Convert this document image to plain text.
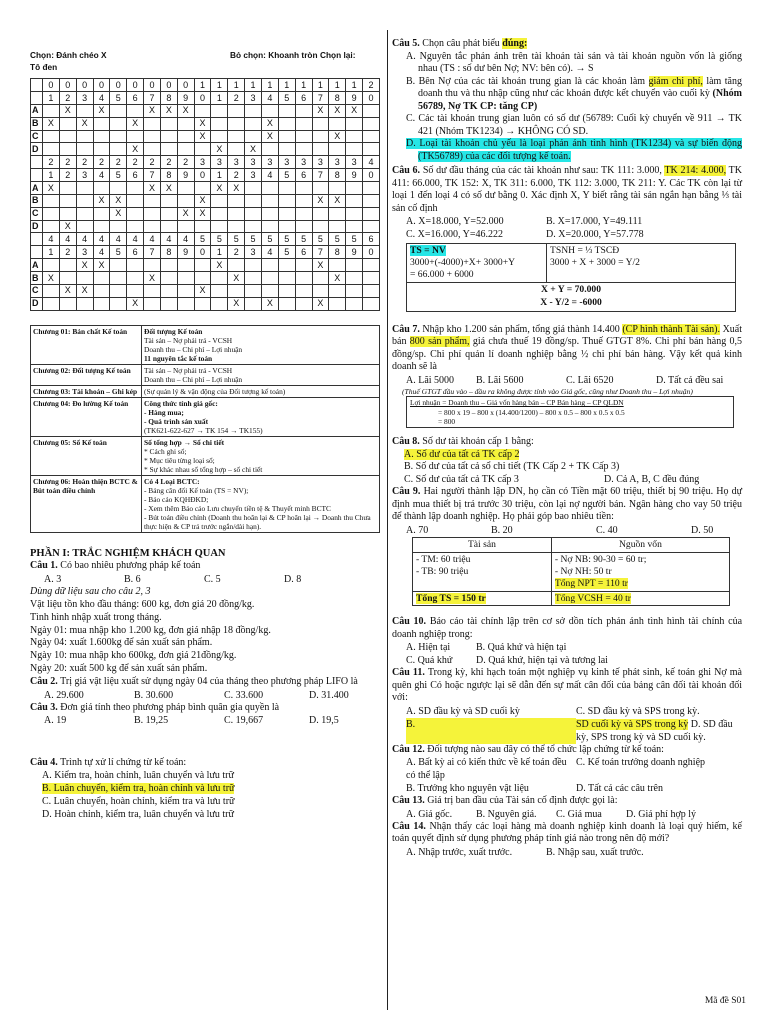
Chọn: Đánh chéo X	Bỏ chọn: Khoanh tròn Chọn lại:
Tô đen
	0	0	0	0	0	0	0	0	0	1	1	1	1	1	1	1	1	1	1	2
	1	2	3	4	5	6	7	8	9	0	1	2	3	4	5	6	7	8	9	0
A		X		X			X	X	X								X	X	X	
B	X		X			X				X				X						
C										X				X				X		
D						X					X		X							
	2	2	2	2	2	2	2	2	2	3	3	3	3	3	3	3	3	3	3	4
	1	2	3	4	5	6	7	8	9	0	1	2	3	4	5	6	7	8	9	0
A	X						X	X			X	X								
B				X	X					X							X	X		
C					X				X	X										
D		X																		
	4	4	4	4	4	4	4	4	4	5	5	5	5	5	5	5	5	5	5	6
	1	2	3	4	5	6	7	8	9	0	1	2	3	4	5	6	7	8	9	0
A			X	X							X						X			
B	X						X					X						X		
C		X	X							X										
D						X						X		X			X			
Chương 01: Bản chất Kế toán	Đối tượng Kế toán
Tài sản – Nợ phải trả - VCSH
Doanh thu – Chi phí – Lợi nhuận
11 nguyên tắc kế toán

Chương 02: Đối tượng Kế toán	Tài sản – Nợ phải trả - VCSH
Doanh thu – Chi phí – Lợi nhuận

Chương 03: Tài khoản – Ghi kép	(Sự quản lý & vận động của Đối tượng kế toán)

Chương 04: Đo lường Kế toán	Công thức tính giá gốc:
- Hàng mua;
- Quá trình sản xuất
(TK621-622-627 → TK 154 → TK155)

Chương 05: Sổ Kế toán	Sổ tổng hợp → Sổ chi tiết
* Cách ghi sổ;
* Mục tiêu từng loại sổ;
* Sự khác nhau sổ tổng hợp – sổ chi tiết

Chương 06: Hoàn thiện BCTC & Bút toán điều chỉnh	Có 4 Loại BCTC:
- Bảng cân đối Kế toán (TS = NV);
- Báo cáo KQHĐKD;
- Xem thêm Báo cáo Lưu chuyển tiền tệ & Thuyết minh BCTC
- Bút toán điều chỉnh (Doanh thu hoãn lại & CP hoãn lại → Doanh thu Chưa thực hiện & CP trả trước ngắn/dài hạn).
PHẦN I: TRẮC NGHIỆM KHÁCH QUAN
Câu 1. Có bao nhiêu phương pháp kế toán
A. 3	B. 6	C. 5	D. 8
Dùng dữ liệu sau cho câu 2, 3
Vật liệu tồn kho đầu tháng: 600 kg, đơn giá 20 đồng/kg.
Tình hình nhập xuất trong tháng.
Ngày 01: mua nhập kho 1.200 kg, đơn giá nhập 18 đồng/kg.
Ngày 04: xuất 1.600kg để sản xuất sản phẩm.
Ngày 10: mua nhập kho 600kg, đơn giá 21đồng/kg.
Ngày 20: xuất 500 kg để sản xuất sản phẩm.
Câu 2. Trị giá vật liệu xuất sử dụng ngày 04 của tháng theo phương pháp LIFO là
A. 29.600	B. 30.600	C. 33.600	D. 31.400
Câu 3. Đơn giá tính theo phương pháp bình quân gia quyền là
A. 19	B. 19,25	C. 19,667	D. 19,5
Câu 4. Trình tự xử lí chứng từ kế toán:
A. Kiểm tra, hoàn chỉnh, luân chuyển và lưu trữ
B. Luân chuyển, kiểm tra, hoàn chỉnh và lưu trữ
C. Luân chuyển, hoàn chỉnh, kiểm tra và lưu trữ
D. Hoàn chỉnh, kiểm tra, luân chuyển và lưu trữ
Câu 5. Chọn câu phát biểu đúng:
A. Nguyên tắc phản ánh trên tài khoản tài sản và tài khoản nguồn vốn là giống nhau (TS : số dư bên Nợ; NV: bên có). → S
B. Bên Nợ của các tài khoản trung gian là các khoản làm giảm chi phí, làm tăng doanh thu và thu nhập cũng như các khoản được kết chuyển vào cuối kỳ (Nhóm 56789, Nợ TK CP: tăng CP)
C. Các tài khoản trung gian luôn có số dư (56789: Cuối kỳ chuyển về 911 → TK 421 (Nhóm TK1234) → KHÔNG CÓ SD.
D. Loại tài khoản chủ yếu là loại phản ánh tình hình (TK1234) và sự biến động (TK56789) của các đối tượng kế toán.
Câu 6. Số dư đầu tháng của các tài khoản như sau: TK 111: 3.000, TK 214: 4.000, TK 411: 66.000, TK 152: X, TK 311: 6.000, TK 112: 3.000, TK 211: Y. Các TK còn lại từ loại 1 đến loại 4 có số dư bằng 0. Xác định X, Y biết rằng tài sản ngắn hạn bằng ⅓ tài sản cố định
A. X=18.000, Y=52.000	B. X=17.000, Y=49.111
C. X=16.000, Y=46.222	D. X=20.000, Y=57.778
TS = NV
3000+(-4000)+X+ 3000+Y
= 66.000 + 6000	TSNH = ⅓ TSCĐ
3000 + X + 3000 = Y/2
X + Y = 70.000
X - Y/2 = -6000
Câu 7. Nhập kho 1.200 sản phẩm, tổng giá thành 14.400 (CP hình thành Tài sản). Xuất bán 800 sản phẩm, giá chưa thuế 19 đồng/sp. Thuế GTGT 8%. Chi phí bán hàng 0,5 đồng/sp. Chi phí quản lí doanh nghiệp bằng ½ chi phí bán hàng. Vậy kết quả kinh doanh sẽ là
A. Lãi 5000	B. Lãi 5600	C. Lãi 6520	D. Tất cả đều sai
(Thuế GTGT đầu vào – đầu ra không được tính vào Giá gốc, cũng như Doanh thu – Lợi nhuận)
Lợi nhuận = Doanh thu – Giá vốn hàng bán – CP Bán hàng – CP QLDN
= 800 x 19 – 800 x (14.400/1200) – 800 x 0.5 – 800 x 0.5 x 0.5
= 800
Câu 8. Số dư tài khoản cấp 1 bằng:
A. Số dư của tất cả TK cấp 2
B. Số dư của tất cả sổ chi tiết (TK Cấp 2 + TK Cấp 3)
C. Số dư của tất cả TK cấp 3	D. Cả A, B, C đều đúng
Câu 9. Hai người thành lập DN, họ cần có Tiền mặt 60 triệu, thiết bị 90 triệu. Họ dự định mua thiết bị trả trước 30 triệu, còn lại nợ người bán. Ngân hàng cho vay 50 triệu để thành lập doanh nghiệp. Họ phải góp bao nhiêu tiền:
A. 70	B. 20	C. 40	D. 50
Tài sản	Nguồn vốn
- TM: 60 triệu
- TB: 90 triệu	- Nợ NB: 90-30 = 60 tr;
- Nợ NH: 50 tr
Tổng NPT = 110 tr
Tổng TS = 150 tr	Tổng VCSH = 40 tr
Câu 10. Báo cáo tài chính lập trên cơ sở dồn tích phản ánh tình hình tài chính của doanh nghiệp trong:
A. Hiện tại	B. Quá khứ và hiện tại
C. Quá khứ	D. Quá khứ, hiện tại và tương lai
Câu 11. Trong kỳ, khi hạch toán một nghiệp vụ kinh tế phát sinh, kế toán ghi Nợ mà quên ghi Có hoặc ngược lại sẽ dẫn đến sự mất cân đối của bảng cân đối tài khoản đối với:
A. SD đầu kỳ và SD cuối kỳ	C. SD đầu kỳ và SPS trong kỳ.
B.	SD cuối kỳ và SPS trong kỳ D. SD đầu kỳ, SPS trong kỳ và SD cuối kỳ.
Câu 12. Đối tượng nào sau đây có thể tổ chức lập chứng từ kế toán:
A. Bất kỳ ai có kiến thức về kế toán đều có thể lập
C. Kế toán trưởng doanh nghiệp
B. Trưởng kho nguyên vật liệu	D. Tất cả các câu trên
Câu 13. Giá trị ban đầu của Tài sản cố định được gọi là:
A. Giá gốc.	B. Nguyên giá.	C. Giá mua	D. Giá phí hợp lý
Câu 14. Nhận thấy các loại hàng mà doanh nghiệp kinh doanh là loại quý hiếm, kế toán quyết định sử dụng phương pháp tính giá nào trong nên độ mới?
A. Nhập trước, xuất trước.	B. Nhập sau, xuất trước.
Mã đề S01
